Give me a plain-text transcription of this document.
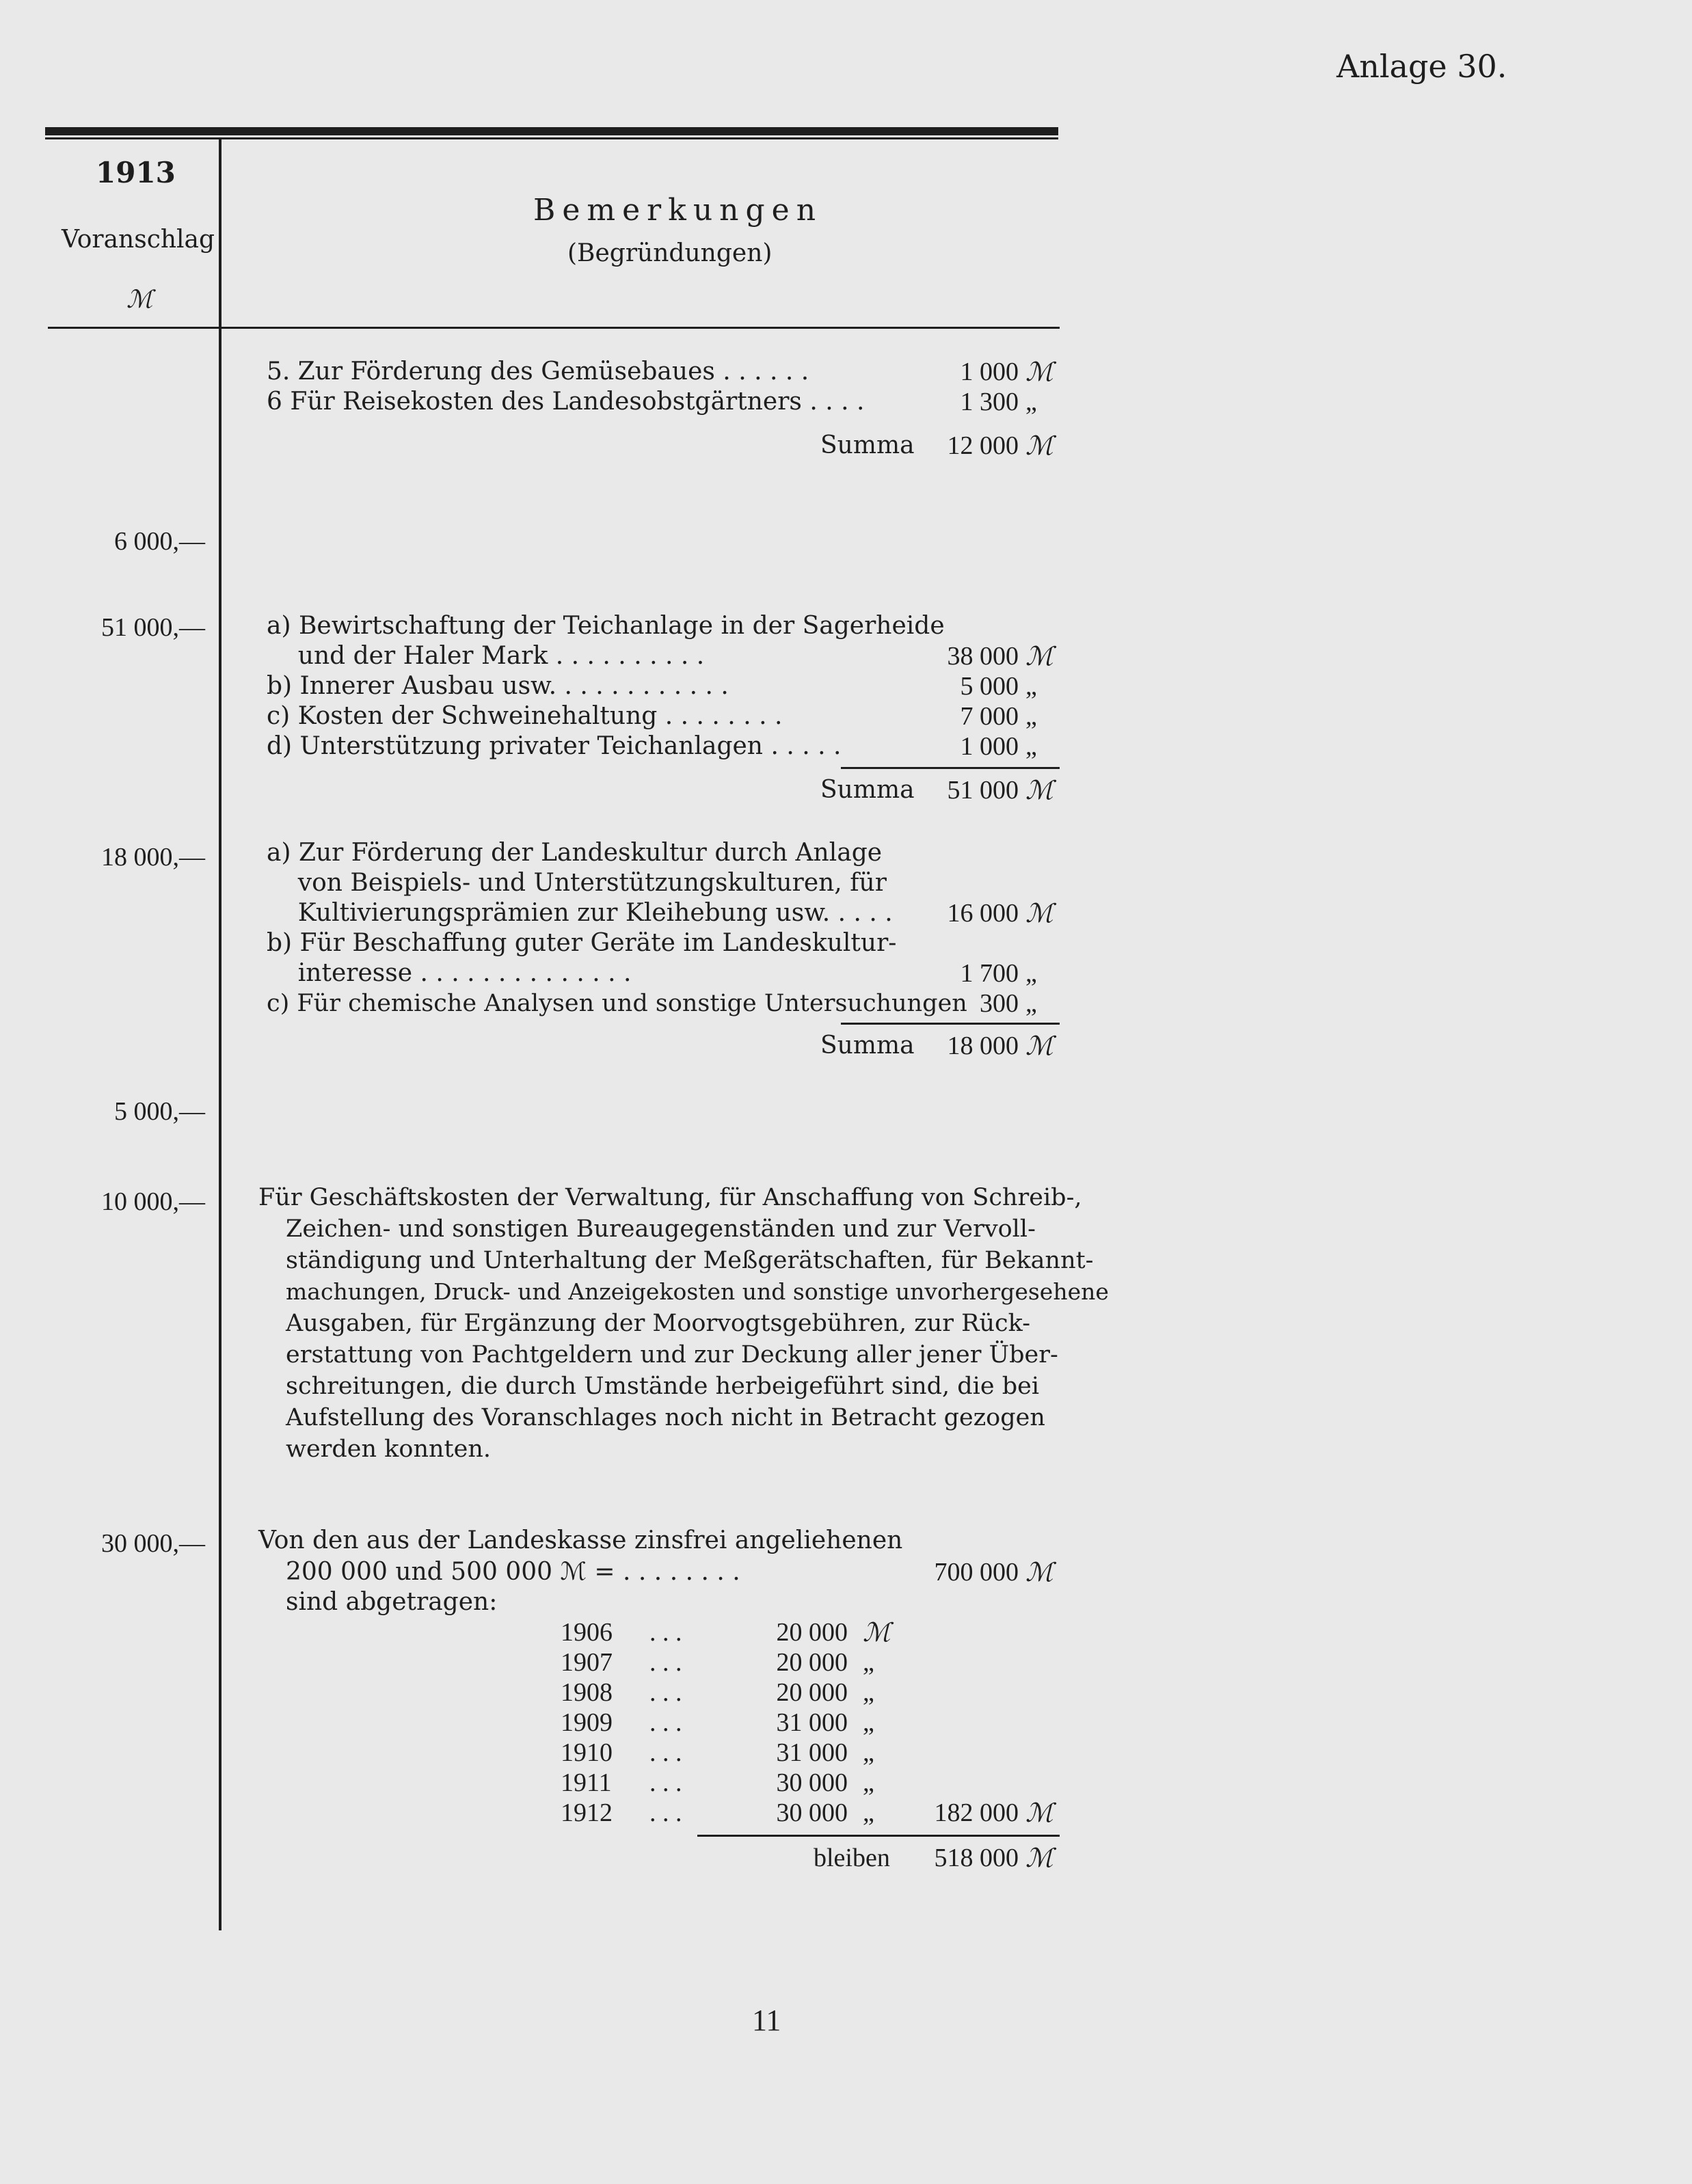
Anlage 30.
1913
Voranschlag
ℳ
Bemerkungen
(Begründungen)
5. Zur Förderung des Gemüsebaues . . . . . .	1 000 ℳ
6 Für Reisekosten des Landesobstgärtners . . . .	1 300 „
Summa	12 000 ℳ
6 000,—
51 000,—	a) Bewirtschaftung der Teichanlage in der Sagerheide
und der Haler Mark . . . . . . . . . .	38 000 ℳ
b) Innerer Ausbau usw. . . . . . . . . . . .	5 000 „
c) Kosten der Schweinehaltung . . . . . . . .	7 000 „
d) Unterstützung privater Teichanlagen . . . . .	1 000 „
Summa	51 000 ℳ
18 000,—	a) Zur Förderung der Landeskultur durch Anlage
von Beispiels- und Unterstützungskulturen, für
Kultivierungsprämien zur Kleihebung usw. . . . .	16 000 ℳ
b) Für Beschaffung guter Geräte im Landeskultur-
interesse . . . . . . . . . . . . . .	1 700 „
c) Für chemische Analysen und sonstige Untersuchungen 300 „
Summa	18 000 ℳ
5 000,—
10 000,— Für Geschäftskosten der Verwaltung, für Anschaffung von Schreib-,
Zeichen- und sonstigen Bureaugegenständen und zur Vervoll-
ständigung und Unterhaltung der Meßgerätschaften, für Bekannt-
machungen, Druck- und Anzeigekosten und sonstige unvorhergesehene
Ausgaben, für Ergänzung der Moorvogtsgebühren, zur Rück-
erstattung von Pachtgeldern und zur Deckung aller jener Über-
schreitungen, die durch Umstände herbeigeführt sind, die bei
Aufstellung des Voranschlages noch nicht in Betracht gezogen
werden konnten.
30 000,— Von den aus der Landeskasse zinsfrei angeliehenen
200 000 und 500 000 ℳ = . . . . . . . .	700 000 ℳ
sind abgetragen:
1906 . . .	20 000 ℳ
1907 . . .	20 000 „
1908 . . .	20 000 „
1909 . . .	31 000 „
1910 . . .	31 000 „
1911 . . .	30 000 „
1912 . . .	30 000 „	182 000 ℳ
bleiben	518 000 ℳ
11
